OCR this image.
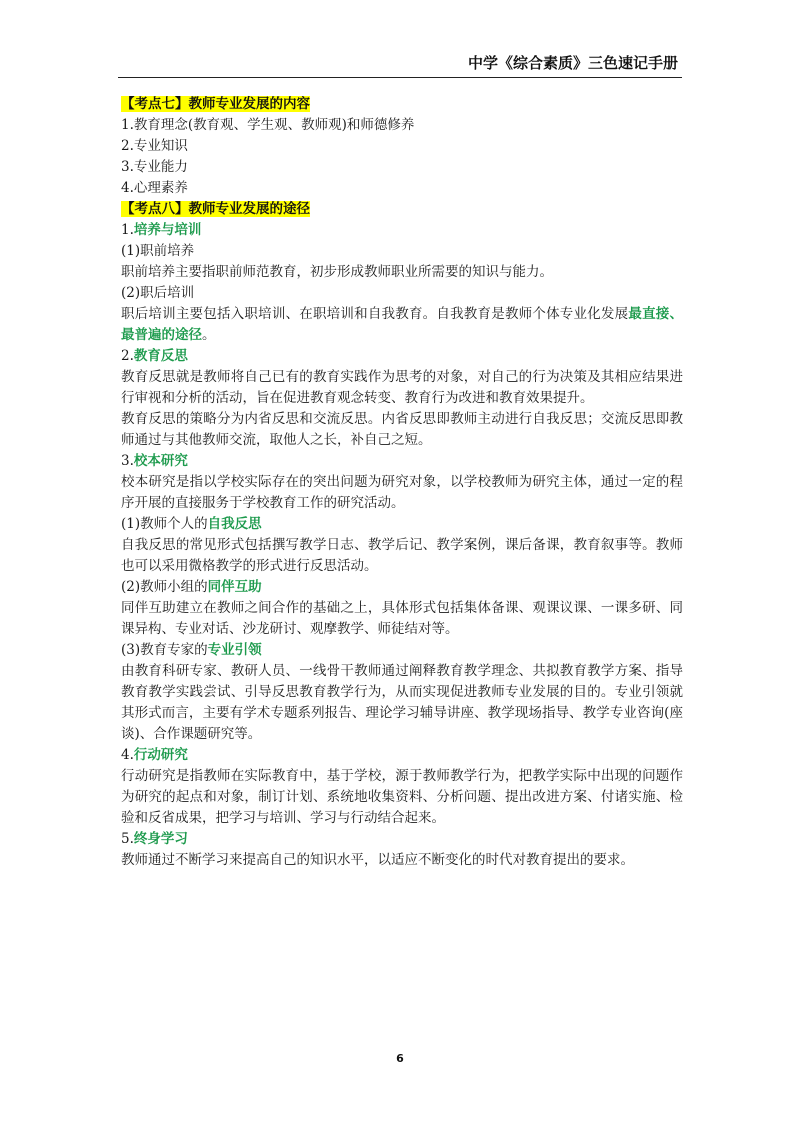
中学《综合素质》三色速记手册

【考点七】教师专业发展的内容

1.教育理念(教育观、学生观、教师观)和师德修养

2.专业知识

3.专业能力

4.心理素养

【考点八】教师专业发展的途径

1.培养与培训

(1)职前培养

职前培养主要指职前师范教育，初步形成教师职业所需要的知识与能力。

(2)职后培训

职后培训主要包括入职培训、在职培训和自我教育。自我教育是教师个体专业化发展最直接、最普遍的途径。

2.教育反思

教育反思就是教师将自己已有的教育实践作为思考的对象，对自己的行为决策及其相应结果进行审视和分析的活动，旨在促进教育观念转变、教育行为改进和教育效果提升。

教育反思的策略分为内省反思和交流反思。内省反思即教师主动进行自我反思；交流反思即教师通过与其他教师交流，取他人之长，补自己之短。

3.校本研究

校本研究是指以学校实际存在的突出问题为研究对象，以学校教师为研究主体，通过一定的程序开展的直接服务于学校教育工作的研究活动。

(1)教师个人的自我反思

自我反思的常见形式包括撰写教学日志、教学后记、教学案例，课后备课，教育叙事等。教师也可以采用微格教学的形式进行反思活动。

(2)教师小组的同伴互助

同伴互助建立在教师之间合作的基础之上，具体形式包括集体备课、观课议课、一课多研、同课异构、专业对话、沙龙研讨、观摩教学、师徒结对等。

(3)教育专家的专业引领

由教育科研专家、教研人员、一线骨干教师通过阐释教育教学理念、共拟教育教学方案、指导教育教学实践尝试、引导反思教育教学行为，从而实现促进教师专业发展的目的。专业引领就其形式而言，主要有学术专题系列报告、理论学习辅导讲座、教学现场指导、教学专业咨询(座谈)、合作课题研究等。

4.行动研究

行动研究是指教师在实际教育中，基于学校，源于教师教学行为，把教学实际中出现的问题作为研究的起点和对象，制订计划、系统地收集资料、分析问题、提出改进方案、付诸实施、检验和反省成果，把学习与培训、学习与行动结合起来。

5.终身学习

教师通过不断学习来提高自己的知识水平，以适应不断变化的时代对教育提出的要求。

6
